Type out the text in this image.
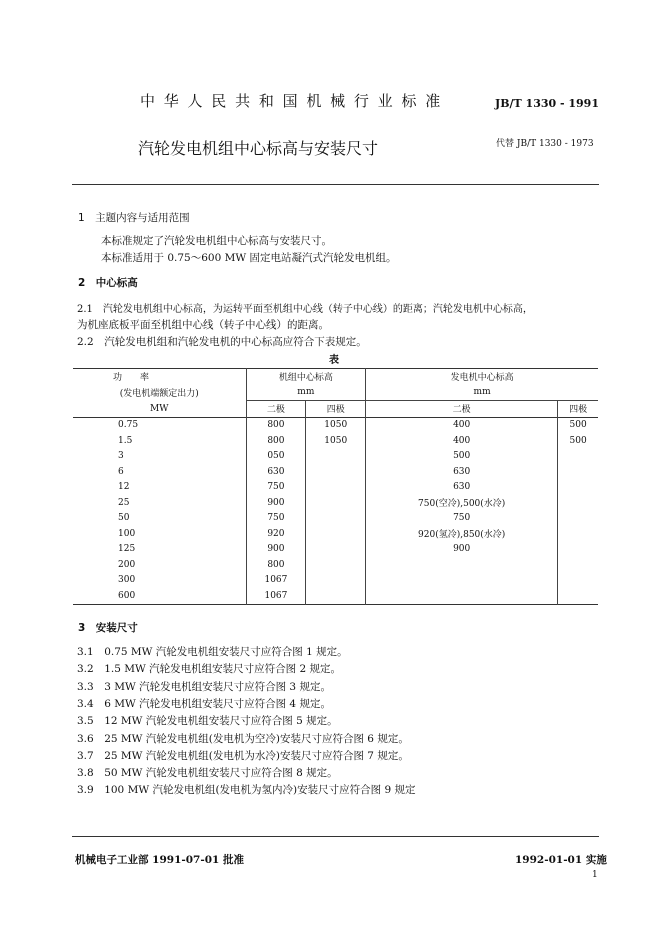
中 华 人 民 共 和 国 机 械 行 业 标 准	JB/T 1330 - 1991
汽轮发电机组中心标高与安装尺寸	代替 JB/T 1330 - 1973
1　主题内容与适用范围
本标准规定了汽轮发电机组中心标高与安装尺寸。
本标准适用于 0.75～600 MW 固定电站凝汽式汽轮发电机组。
2　中心标高
2.1　汽轮发电机组中心标高，为运转平面至机组中心线（转子中心线）的距离；汽轮发电机中心标高，
为机座底板平面至机组中心线（转子中心线）的距离。
2.2　汽轮发电机组和汽轮发电机的中心标高应符合下表规定。
表
功　　率	机组中心标高		发电机中心标高	
(发电机端额定出力)	mm		mm	
MW	二极	四极	二极	四极
0.75	800	1050	400	500
1.5	800	1050	400	500
3	050		500	
6	630		630	
12	750		630	
25	900		750(空冷),500(水冷)	
50	750		750	
100	920		920(氢冷),850(水冷)	
125	900		900	
200	800			
300	1067			
600	1067			
3　安装尺寸
3.1　0.75 MW 汽轮发电机组安装尺寸应符合图 1 规定。
3.2　1.5 MW 汽轮发电机组安装尺寸应符合图 2 规定。
3.3　3 MW 汽轮发电机组安装尺寸应符合图 3 规定。
3.4　6 MW 汽轮发电机组安装尺寸应符合图 4 规定。
3.5　12 MW 汽轮发电机组安装尺寸应符合图 5 规定。
3.6　25 MW 汽轮发电机组(发电机为空冷)安装尺寸应符合图 6 规定。
3.7　25 MW 汽轮发电机组(发电机为水冷)安装尺寸应符合图 7 规定。
3.8　50 MW 汽轮发电机组安装尺寸应符合图 8 规定。
3.9　100 MW 汽轮发电机组(发电机为氢内冷)安装尺寸应符合图 9 规定
机械电子工业部 1991-07-01 批准	1992-01-01 实施
1
